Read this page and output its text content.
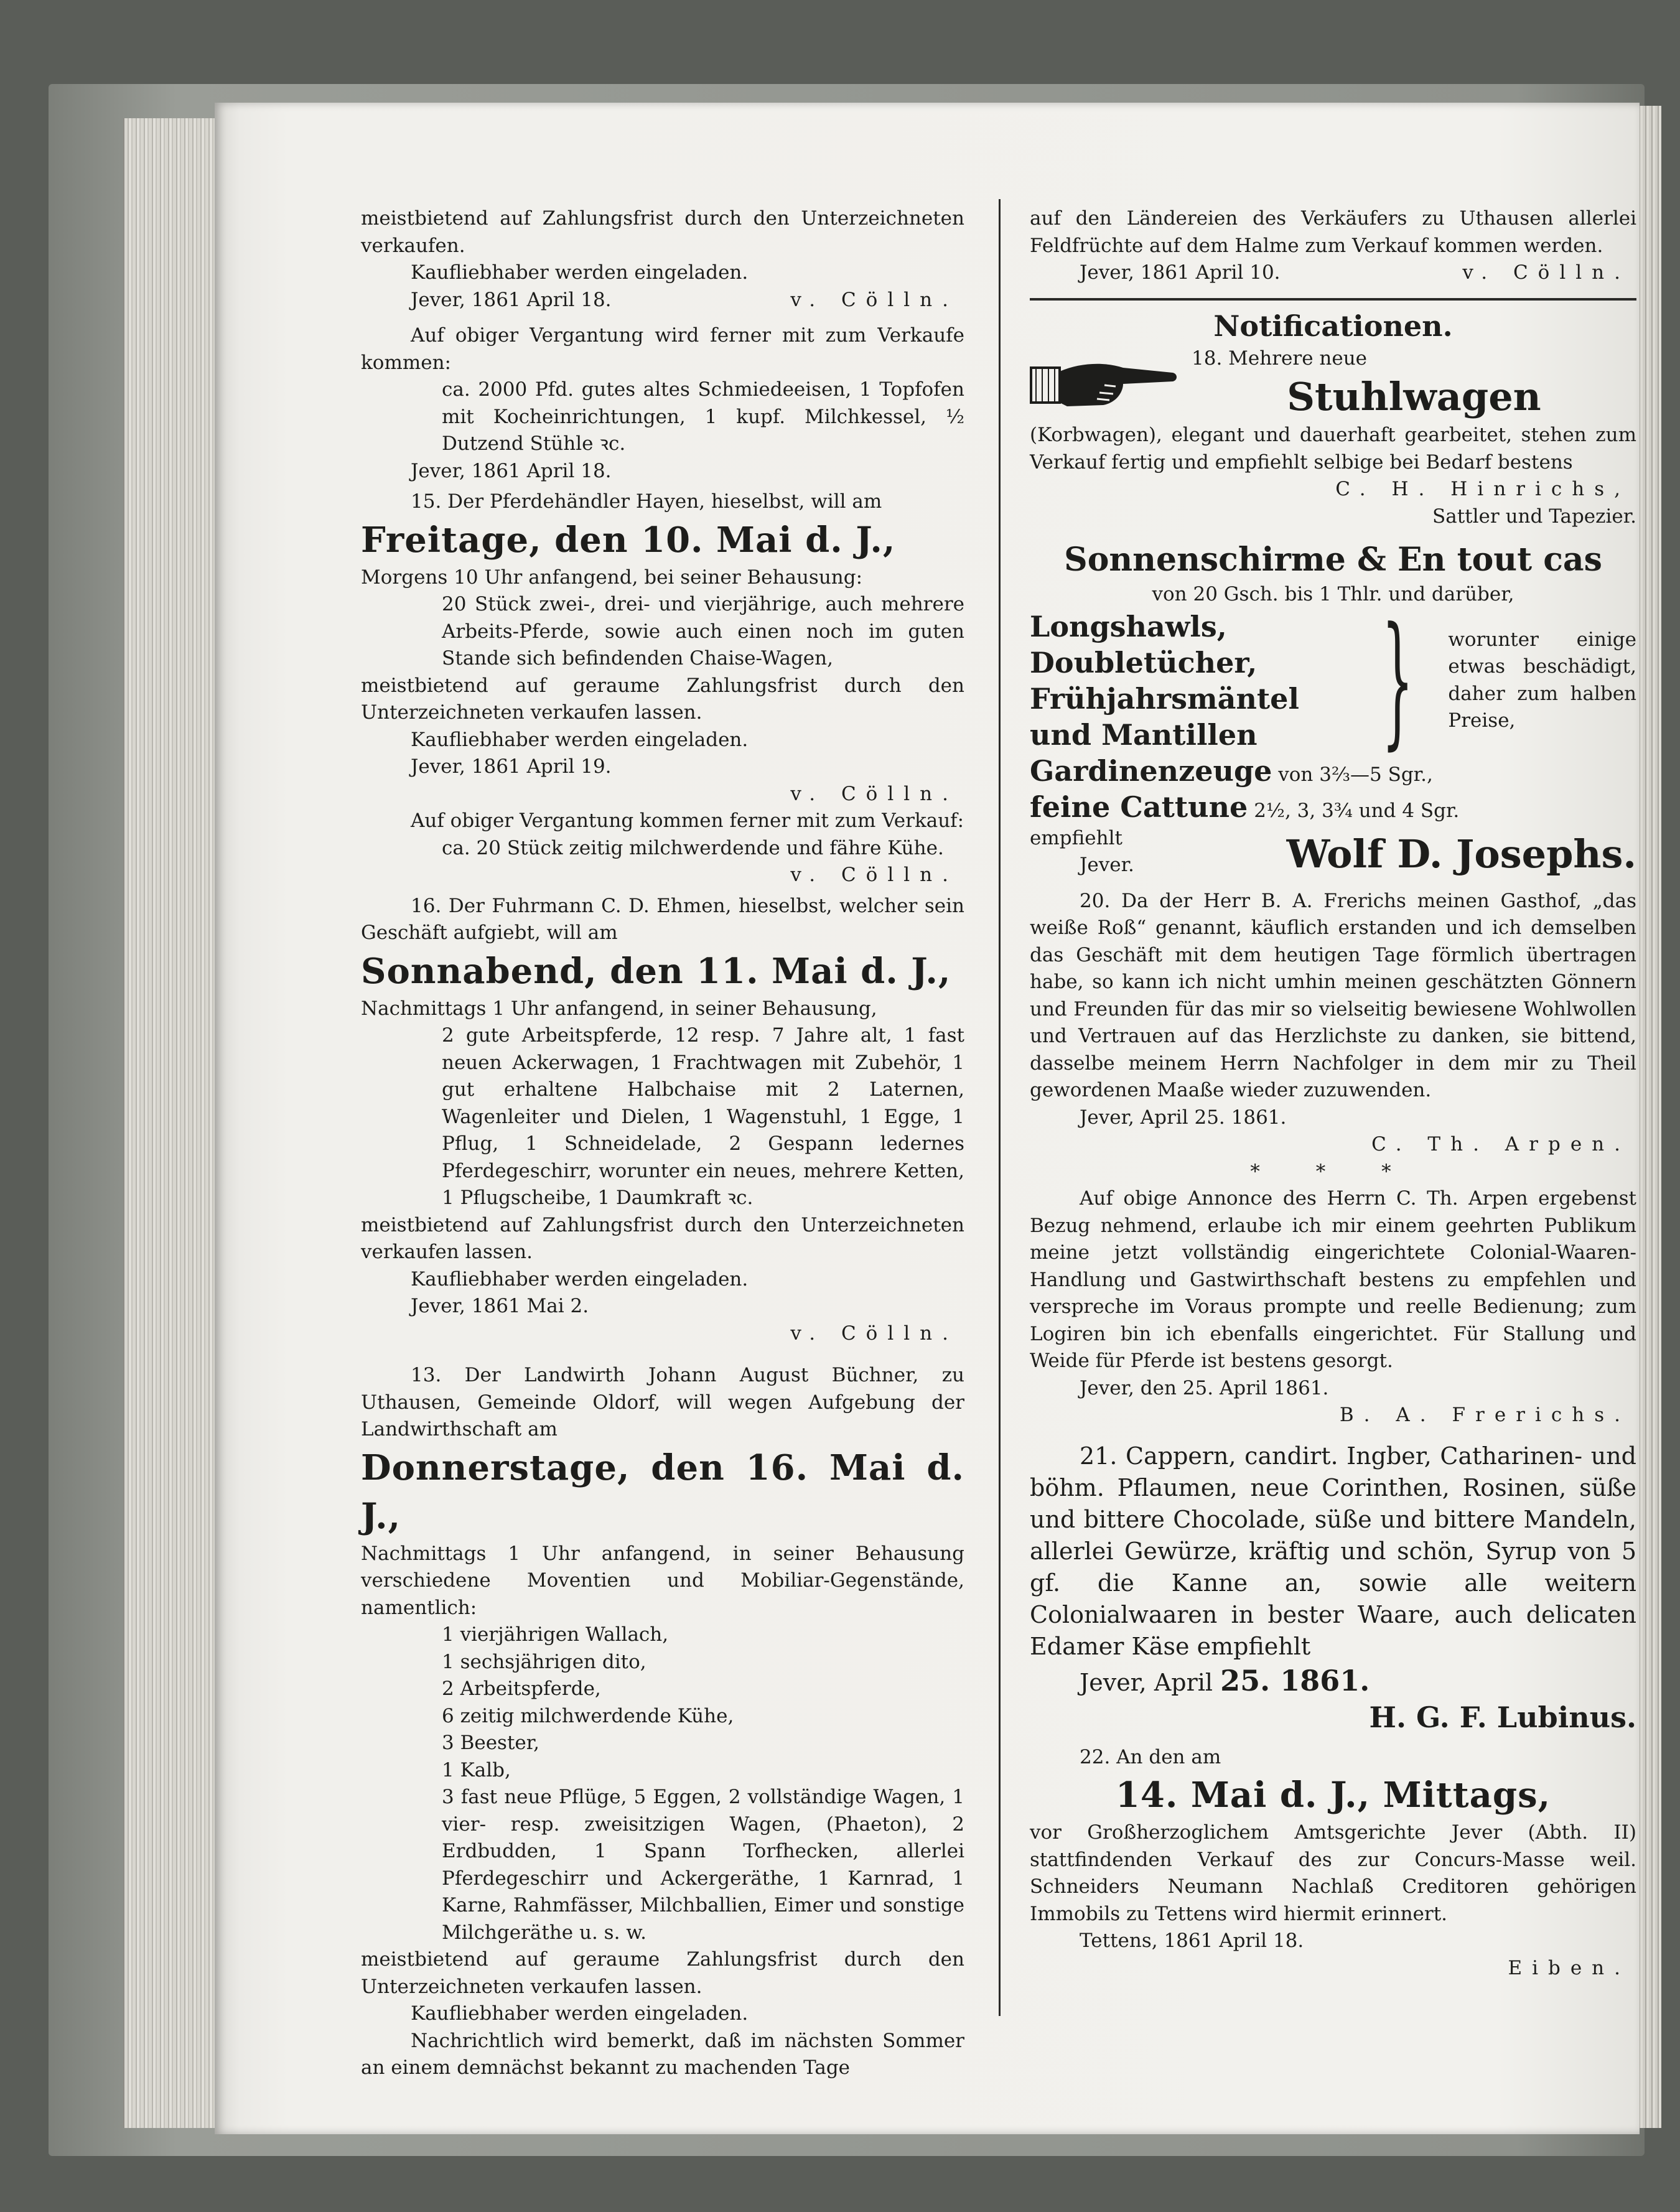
meistbietend auf Zahlungsfrist durch den Unterzeichneten verkaufen.

Kaufliebhaber werden eingeladen.

Jever, 1861 April 18.	v. Cölln.

Auf obiger Vergantung wird ferner mit zum Verkaufe kommen:

ca. 2000 Pfd. gutes altes Schmiedeeisen, 1 Topfofen mit Kocheinrichtungen, 1 kupf. Milchkessel, ½ Dutzend Stühle ꝛc.

Jever, 1861 April 18.

15. Der Pferdehändler Hayen, hieselbst, will am

Freitage, den 10. Mai d. J.,

Morgens 10 Uhr anfangend, bei seiner Behausung:

20 Stück zwei-, drei- und vierjährige, auch mehrere Arbeits-Pferde, sowie auch einen noch im guten Stande sich befindenden Chaise-Wagen,

meistbietend auf geraume Zahlungsfrist durch den Unterzeichneten verkaufen lassen.

Kaufliebhaber werden eingeladen.

Jever, 1861 April 19.

v. Cölln.

Auf obiger Vergantung kommen ferner mit zum Verkauf:

ca. 20 Stück zeitig milchwerdende und fähre Kühe.

v. Cölln.

16. Der Fuhrmann C. D. Ehmen, hieselbst, welcher sein Geschäft aufgiebt, will am

Sonnabend, den 11. Mai d. J.,

Nachmittags 1 Uhr anfangend, in seiner Behausung,

2 gute Arbeitspferde, 12 resp. 7 Jahre alt, 1 fast neuen Ackerwagen, 1 Frachtwagen mit Zubehör, 1 gut erhaltene Halbchaise mit 2 Laternen, Wagenleiter und Dielen, 1 Wagenstuhl, 1 Egge, 1 Pflug, 1 Schneidelade, 2 Gespann ledernes Pferdegeschirr, worunter ein neues, mehrere Ketten, 1 Pflugscheibe, 1 Daumkraft ꝛc.

meistbietend auf Zahlungsfrist durch den Unterzeichneten verkaufen lassen.

Kaufliebhaber werden eingeladen.

Jever, 1861 Mai 2.

v. Cölln.

13. Der Landwirth Johann August Büchner, zu Uthausen, Gemeinde Oldorf, will wegen Aufgebung der Landwirthschaft am

Donnerstage, den 16. Mai d. J.,

Nachmittags 1 Uhr anfangend, in seiner Behausung verschiedene Moventien und Mobiliar-Gegenstände, namentlich:

1 vierjährigen Wallach,

1 sechsjährigen dito,

2 Arbeitspferde,

6 zeitig milchwerdende Kühe,

3 Beester,

1 Kalb,

3 fast neue Pflüge, 5 Eggen, 2 vollständige Wagen, 1 vier- resp. zweisitzigen Wagen, (Phaeton), 2 Erdbudden, 1 Spann Torfhecken, allerlei Pferdegeschirr und Ackergeräthe, 1 Karnrad, 1 Karne, Rahmfässer, Milchballien, Eimer und sonstige Milchgeräthe u. s. w.

meistbietend auf geraume Zahlungsfrist durch den Unterzeichneten verkaufen lassen.

Kaufliebhaber werden eingeladen.

Nachrichtlich wird bemerkt, daß im nächsten Sommer an einem demnächst bekannt zu machenden Tage

auf den Ländereien des Verkäufers zu Uthausen allerlei Feldfrüchte auf dem Halme zum Verkauf kommen werden.

Jever, 1861 April 10.	v. Cölln.

Notificationen.

18. Mehrere neue

Stuhlwagen

(Korbwagen), elegant und dauerhaft gearbeitet, stehen zum Verkauf fertig und empfiehlt selbige bei Bedarf bestens

C. H. Hinrichs,

Sattler und Tapezier.

Sonnenschirme & En tout cas

von 20 Gsch. bis 1 Thlr. und darüber,

Longshawls,

Doubletücher,

Frühjahrsmäntel

und Mantillen } worunter einige etwas beschädigt, daher zum halben Preise,

Gardinenzeuge von 3⅔—5 Sgr.,

feine Cattune 2½, 3, 3¾ und 4 Sgr.

empfiehlt

Jever.	Wolf D. Josephs.

20. Da der Herr B. A. Frerichs meinen Gasthof, „das weiße Roß“ genannt, käuflich erstanden und ich demselben das Geschäft mit dem heutigen Tage förmlich übertragen habe, so kann ich nicht umhin meinen geschätzten Gönnern und Freunden für das mir so vielseitig bewiesene Wohlwollen und Vertrauen auf das Herzlichste zu danken, sie bittend, dasselbe meinem Herrn Nachfolger in dem mir zu Theil gewordenen Maaße wieder zuzuwenden.

Jever, April 25. 1861.

C. Th. Arpen.

* * *

Auf obige Annonce des Herrn C. Th. Arpen ergebenst Bezug nehmend, erlaube ich mir einem geehrten Publikum meine jetzt vollständig eingerichtete Colonial-Waaren-Handlung und Gastwirthschaft bestens zu empfehlen und verspreche im Voraus prompte und reelle Bedienung; zum Logiren bin ich ebenfalls eingerichtet. Für Stallung und Weide für Pferde ist bestens gesorgt.

Jever, den 25. April 1861.

B. A. Frerichs.

21. Cappern, candirt. Ingber, Catharinen- und böhm. Pflaumen, neue Corinthen, Rosinen, süße und bittere Chocolade, süße und bittere Mandeln, allerlei Gewürze, kräftig und schön, Syrup von 5 gf. die Kanne an, sowie alle weitern Colonialwaaren in bester Waare, auch delicaten Edamer Käse empfiehlt

Jever, April 25. 1861.

H. G. F. Lubinus.

22. An den am

14. Mai d. J., Mittags,

vor Großherzoglichem Amtsgerichte Jever (Abth. II) stattfindenden Verkauf des zur Concurs-Masse weil. Schneiders Neumann Nachlaß Creditoren gehörigen Immobils zu Tettens wird hiermit erinnert.

Tettens, 1861 April 18.

Eiben.
